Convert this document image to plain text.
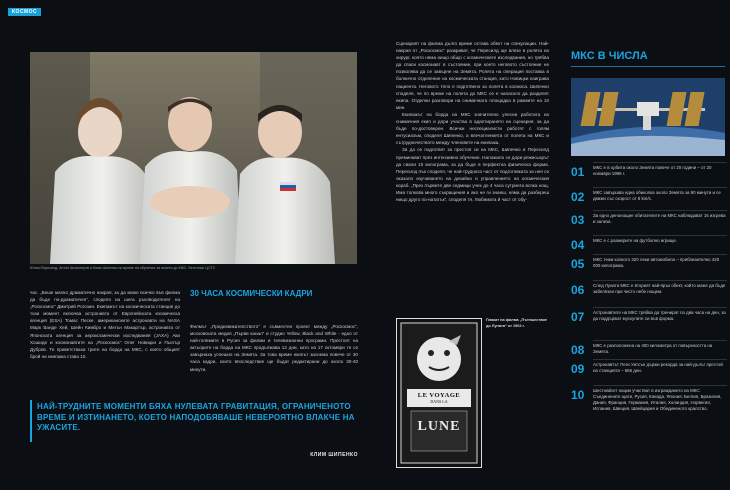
КОСМОС
Юлия Пересилд, Антон Шкаплеров и Клим Шипенко по време на обучение за полета до МКС. Източник: ЦСТС

час. „Беше малко драматично накрая, за да може всичко във филма да бъде по-драматичен“, споделя на шега ръководителят на „Роскосмос“ Дмитрий Рогозин. Екипажът на космическата станция до този момент включва астронавта от Европейската космическа агенция (ESA) Томас Песке, американските астронавти на NASA Марк Ванде Хей, Шейн Кимбро и Мегън Макартър, астронавта от Японската агенция за аерокосмически изследвания (JAXA) Аки Хошиде и космонавтите на „Роскосмос“ Олег Новицки и Пьотър Дубров. Те приветстваха трите на борда на МКС, с което общият брой на екипажа става 10.

30 ЧАСА КОСМИЧЕСКИ КАДРИ

Филмът „Предизвикателството“ е съвместен проект между „Роскосмос“, московската медия „Първи канал“ и студио Yellow, Black and White - едно от най-големите в Русия за филми и телевизионни програми. Престоят на актьорите на борда на МКС продължава 12 дни, като на 17 октомври те се завърнаха успешно на Земята. За това време екипът заснема повече от 30 часа кадри, които впоследствие ще бъдат редактирани до около 30-40 минути.

НАЙ-ТРУДНИТЕ МОМЕНТИ БЯХА НУЛЕВАТА ГРАВИТАЦИЯ, ОГРАНИЧЕНОТО ВРЕМЕ И ИЗТИНАНЕТО, КОЕТО НАПОДОБЯВАШЕ НЕВЕРОЯТНО ВЛАКЧЕ НА УЖАСИТЕ.
КЛИМ ШИПЕНКО

Сценарият на филма дълго време остава обект на спекулации. Най-накрая от „Роскосмос“ разкриват, че Пересилд ще влезе в ролята на хирург, която няма нищо общо с космическите изследвания, но трябва да спаси космонавт в състояние, при което неговото състояние не позволява да се завърне на Земята. Ролята на операция поставка в болнично отделение на космическата станция, като Новицки изиграва пациента. Неговото тяло е подготвено за полета в космоса. Шипенко споделя, че по време на полета до МКС се е налагало да разделят екипа. Отделни разговори на снимачната площадка в рамките на 10 мин.

Екипажът на борда на МКС значително улесни работата на снимачния екип и дори участва в адаптирането на сценария, за да бъде по-достоверен. Всички неспециалисти работят с голям ентусиазъм, споделя Шипенко, а впечатленията от полета на МКС и сътрудничеството между членовете на екипажа.

За да се подготвят за престоя си на МКС, Шипенко и Пересилд преминават през интензивно обучение. Наложило се дори режисьорът да свали 15 килограма, за да бъде в перфектна физическа форма. Пересилд пък споделя, че най-трудната част от подготовката за нея се оказало изучаването на дизайна и управлението на космическия кораб. „През първите две седмици учех до 4 часа сутринта всяка нощ. Има толкова много съкращения и ако не ги знаеш, няма да разбереш нищо друго по-нататък“, споделя тя. Любимата й част от обу-

LE VOYAGE
DANS LA
LUNE
Плакат на филма „Пътешествие до Луната“ от 1902 г.
МКС В ЧИСЛА
01	МКС е в орбита около Земята повече от 20 години – от 20 ноември 1998 г.
02	МКС завършва една обиколка около Земята за 90 минути и се движи със скорост от 8 km/s.
03	За едно денонощие обитателите на МКС наблюдават 16 изгрева и залеза.
04	МКС е с размерите на футболно игрище.
05	МКС тежи колкото 320 леки автомобила – приблизително 420 000 килограма.
06	След Луната МКС е вторият най-ярък обект, който може да бъде забелязан при чисто небе нощем.
07	Астронавтите на МКС трябва да тренират по два часа на ден, за да поддържат мускулите си във форма.
08	МКС е разположена на 400 километра от повърхността на Земята.
09	Астронавтът Пеги Уитсън държи рекорда за най-дълъг престой на станцията – 665 дни.
10	Шестнайсет нации участват в изграждането на МКС: Съединените щати, Русия, Канада, Япония, Белгия, Бразилия, Дания, Франция, Германия, Италия, Холандия, Норвегия, Испания, Швеция, Швейцария и Обединеното кралство.
